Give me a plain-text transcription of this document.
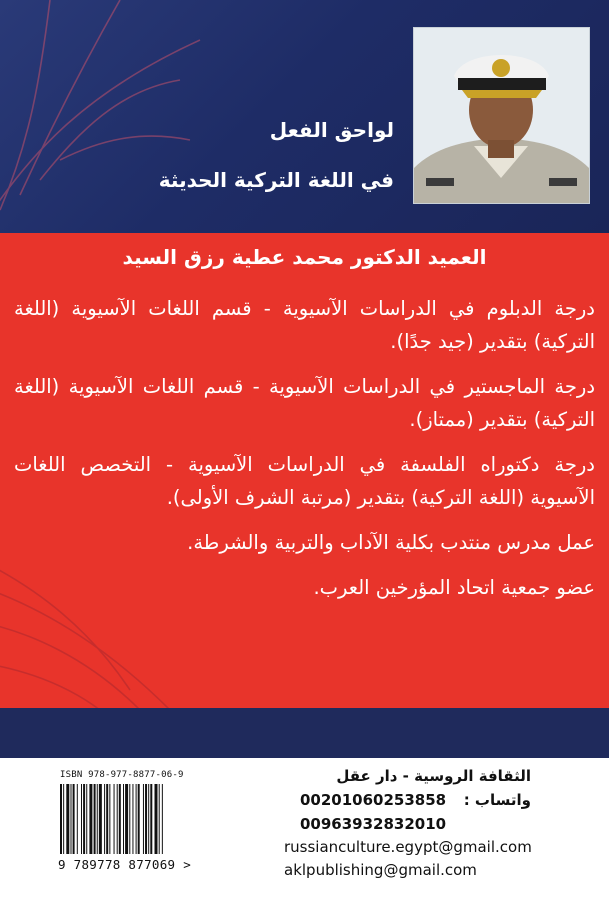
لواحق الفعل
في اللغة التركية الحديثة
العميد الدكتور محمد عطية رزق السيد

درجة الدبلوم في الدراسات الآسيوية - قسم اللغات الآسيوية (اللغة التركية) بتقدير (جيد جدًا).

درجة الماجستير في الدراسات الآسيوية - قسم اللغات الآسيوية (اللغة التركية) بتقدير (ممتاز).

درجة دكتوراه الفلسفة في الدراسات الآسيوية - التخصص اللغات الآسيوية (اللغة التركية) بتقدير (مرتبة الشرف الأولى).

عمل مدرس منتدب بكلية الآداب والتربية والشرطة.

عضو جمعية اتحاد المؤرخين العرب.

ISBN 978-977-8877-06-9
9 789778 877069 >
الثقافة الروسية - دار عقل
واتساب :
00201060253858
00963932832010
russianculture.egypt@gmail.com
aklpublishing@gmail.com
